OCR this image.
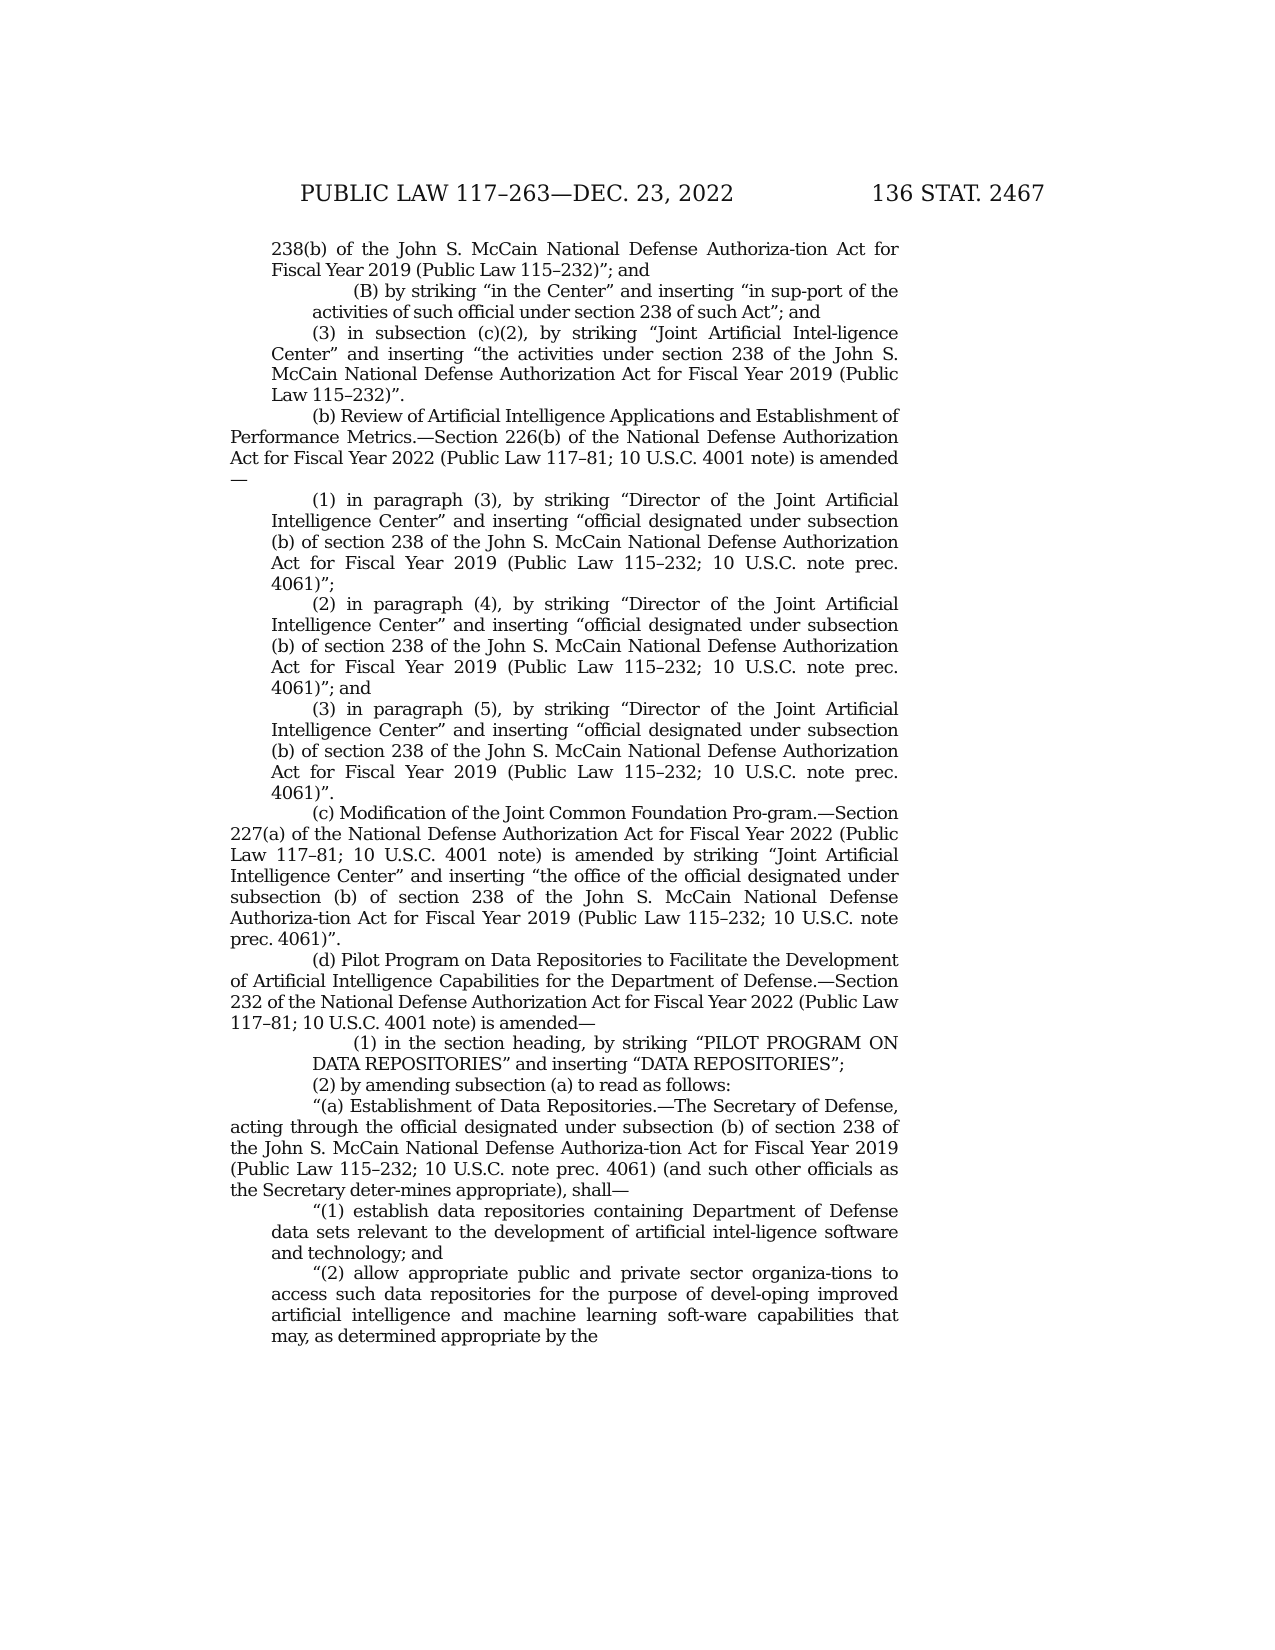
PUBLIC LAW 117–263—DEC. 23, 2022	136 STAT. 2467

238(b) of the John S. McCain National Defense Authoriza-tion Act for Fiscal Year 2019 (Public Law 115–232)”; and

(B) by striking “in the Center” and inserting “in sup-port of the activities of such official under section 238 of such Act”; and

(3) in subsection (c)(2), by striking “Joint Artificial Intel-ligence Center” and inserting “the activities under section 238 of the John S. McCain National Defense Authorization Act for Fiscal Year 2019 (Public Law 115–232)”.

(b) Review of Artificial Intelligence Applications and Establishment of Performance Metrics.—Section 226(b) of the National Defense Authorization Act for Fiscal Year 2022 (Public Law 117–81; 10 U.S.C. 4001 note) is amended—

(1) in paragraph (3), by striking “Director of the Joint Artificial Intelligence Center” and inserting “official designated under subsection (b) of section 238 of the John S. McCain National Defense Authorization Act for Fiscal Year 2019 (Public Law 115–232; 10 U.S.C. note prec. 4061)”;

(2) in paragraph (4), by striking “Director of the Joint Artificial Intelligence Center” and inserting “official designated under subsection (b) of section 238 of the John S. McCain National Defense Authorization Act for Fiscal Year 2019 (Public Law 115–232; 10 U.S.C. note prec. 4061)”; and

(3) in paragraph (5), by striking “Director of the Joint Artificial Intelligence Center” and inserting “official designated under subsection (b) of section 238 of the John S. McCain National Defense Authorization Act for Fiscal Year 2019 (Public Law 115–232; 10 U.S.C. note prec. 4061)”.

(c) Modification of the Joint Common Foundation Pro-gram.—Section 227(a) of the National Defense Authorization Act for Fiscal Year 2022 (Public Law 117–81; 10 U.S.C. 4001 note) is amended by striking “Joint Artificial Intelligence Center” and inserting “the office of the official designated under subsection (b) of section 238 of the John S. McCain National Defense Authoriza-tion Act for Fiscal Year 2019 (Public Law 115–232; 10 U.S.C. note prec. 4061)”.

(d) Pilot Program on Data Repositories to Facilitate the Development of Artificial Intelligence Capabilities for the Department of Defense.—Section 232 of the National Defense Authorization Act for Fiscal Year 2022 (Public Law 117–81; 10 U.S.C. 4001 note) is amended—

(1) in the section heading, by striking “PILOT PROGRAM ON DATA REPOSITORIES” and inserting “DATA REPOSITORIES”;

(2) by amending subsection (a) to read as follows:

“(a) Establishment of Data Repositories.—The Secretary of Defense, acting through the official designated under subsection (b) of section 238 of the John S. McCain National Defense Authoriza-tion Act for Fiscal Year 2019 (Public Law 115–232; 10 U.S.C. note prec. 4061) (and such other officials as the Secretary deter-mines appropriate), shall—

“(1) establish data repositories containing Department of Defense data sets relevant to the development of artificial intel-ligence software and technology; and

“(2) allow appropriate public and private sector organiza-tions to access such data repositories for the purpose of devel-oping improved artificial intelligence and machine learning soft-ware capabilities that may, as determined appropriate by the
